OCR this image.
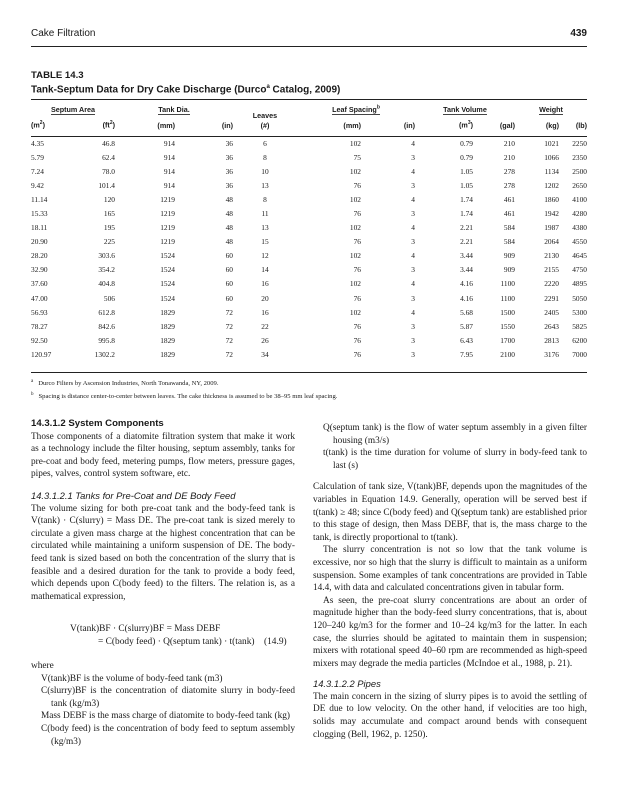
Cake Filtration	439
TABLE 14.3
Tank-Septum Data for Dry Cake Discharge (Durco$^a$ Catalog, 2009)
Septum Area		Tank Dia.		Leaves	Leaf Spacing$^b$		Tank Volume		Weight	
$(m^2)$	$(ft^2)$	(mm)	(in)	(#)	(mm)	(in)	$(m^3)$	(gal)	(kg)	(lb)
4.35	46.8	914	36	6	102	4	0.79	210	1021	2250
5.79	62.4	914	36	8	75	3	0.79	210	1066	2350
7.24	78.0	914	36	10	102	4	1.05	278	1134	2500
9.42	101.4	914	36	13	76	3	1.05	278	1202	2650
11.14	120	1219	48	8	102	4	1.74	461	1860	4100
15.33	165	1219	48	11	76	3	1.74	461	1942	4280
18.11	195	1219	48	13	102	4	2.21	584	1987	4380
20.90	225	1219	48	15	76	3	2.21	584	2064	4550
28.20	303.6	1524	60	12	102	4	3.44	909	2130	4645
32.90	354.2	1524	60	14	76	3	3.44	909	2155	4750
37.60	404.8	1524	60	16	102	4	4.16	1100	2220	4895
47.00	506	1524	60	20	76	3	4.16	1100	2291	5050
56.93	612.8	1829	72	16	102	4	5.68	1500	2405	5300
78.27	842.6	1829	72	22	76	3	5.87	1550	2643	5825
92.50	995.8	1829	72	26	76	3	6.43	1700	2813	6200
120.97	1302.2	1829	72	34	76	3	7.95	2100	3176	7000
$^a$ Durco Filters by Ascension Industries, North Tonawanda, NY, 2009.
$^b$ Spacing is distance center-to-center between leaves. The cake thickness is assumed to be 38–95 mm leaf spacing.

14.3.1.2 System Components

Those components of a diatomite filtration system that make it work as a technology include the filter housing, septum assembly, tanks for pre-coat and body feed, metering pumps, flow meters, pressure gages, pipes, valves, control system software, etc.

14.3.1.2.1 Tanks for Pre-Coat and DE Body Feed

The volume sizing for both pre-coat tank and the body-feed tank is V(tank) · C(slurry) = Mass DE. The pre-coat tank is sized merely to circulate a given mass charge at the highest concentration that can be circulated while maintaining a uniform suspension of DE. The body-feed tank is sized based on both the concentration of the slurry that is feasible and a desired duration for the tank to provide a body feed, which depends upon C(body feed) to the filters. The relation is, as a mathematical expression,

V(tank)BF · C(slurry)BF = Mass DEBF
= C(body feed) · Q(septum tank) · t(tank) (14.9)

where

V(tank)BF is the volume of body-feed tank (m3)

C(slurry)BF is the concentration of diatomite slurry in body-feed tank (kg/m3)

Mass DEBF is the mass charge of diatomite to body-feed tank (kg)

C(body feed) is the concentration of body feed to septum assembly (kg/m3)

Q(septum tank) is the flow of water septum assembly in a given filter housing (m3/s)

t(tank) is the time duration for volume of slurry in body-feed tank to last (s)

Calculation of tank size, V(tank)BF, depends upon the magnitudes of the variables in Equation 14.9. Generally, operation will be served best if t(tank) ≥ 48; since C(body feed) and Q(septum tank) are established prior to this stage of design, then Mass DEBF, that is, the mass charge to the tank, is directly proportional to t(tank).

The slurry concentration is not so low that the tank volume is excessive, nor so high that the slurry is difficult to maintain as a uniform suspension. Some examples of tank concentrations are provided in Table 14.4, with data and calculated concentrations given in tabular form.

As seen, the pre-coat slurry concentrations are about an order of magnitude higher than the body-feed slurry concentrations, that is, about 120–240 kg/m3 for the former and 10–24 kg/m3 for the latter. In each case, the slurries should be agitated to maintain them in suspension; mixers with rotational speed 40–60 rpm are recommended as high-speed mixers may degrade the media particles (McIndoe et al., 1988, p. 21).

14.3.1.2.2 Pipes

The main concern in the sizing of slurry pipes is to avoid the settling of DE due to low velocity. On the other hand, if velocities are too high, solids may accumulate and compact around bends with consequent clogging (Bell, 1962, p. 1250).
